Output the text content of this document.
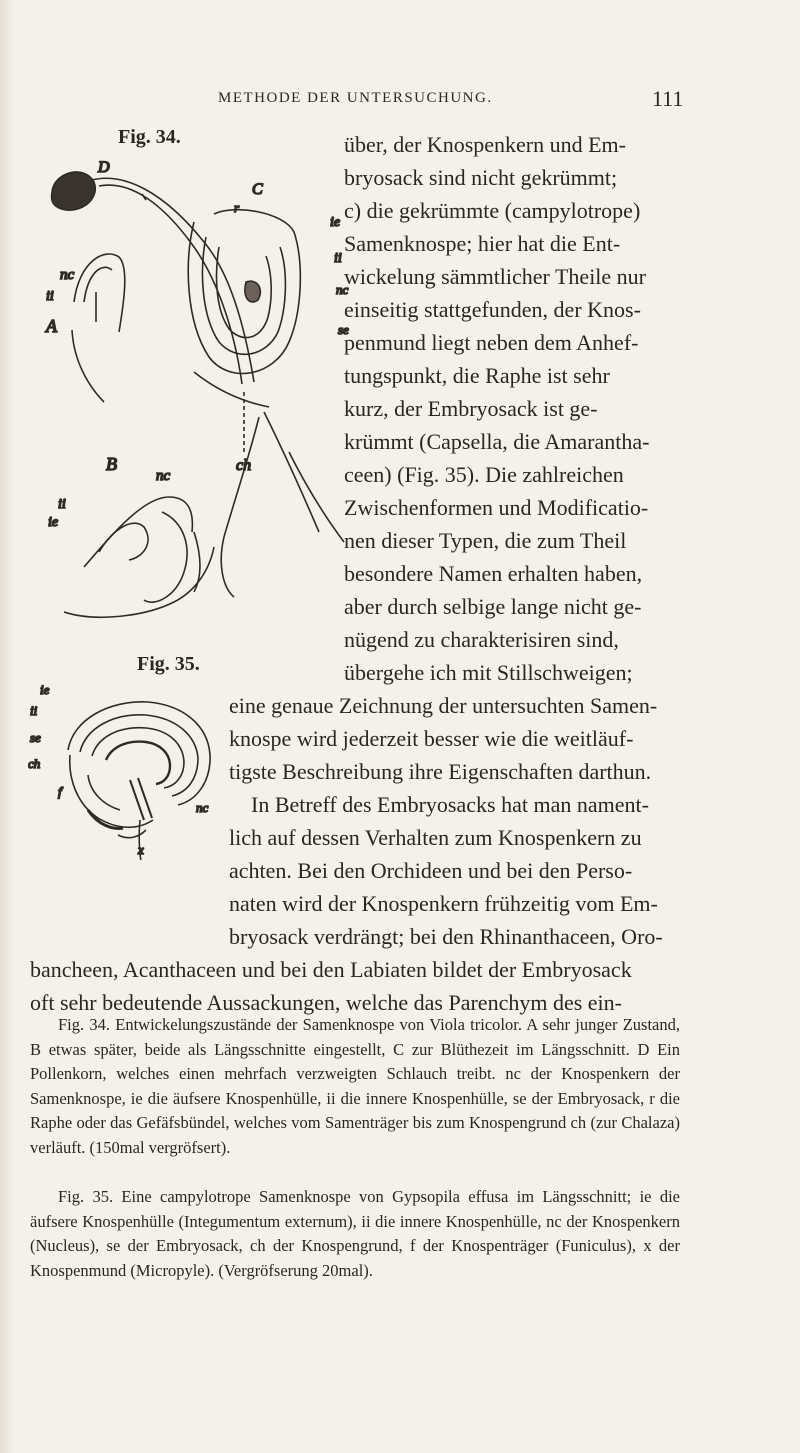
METHODE DER UNTERSUCHUNG.	111
Fig. 34.
D
C
nc
ii
A
B
nc
ii
ie
ch
ie
ii
nc
se
r
Fig. 35.
ie
ii
se
ch
f
nc
x
über, der Knospenkern und Em-
bryosack sind nicht gekrümmt;
c) die gekrümmte (campylotrope)
Samenknospe; hier hat die Ent-
wickelung sämmtlicher Theile nur
einseitig stattgefunden, der Knos-
penmund liegt neben dem Anhef-
tungspunkt, die Raphe ist sehr
kurz, der Embryosack ist ge-
krümmt (Capsella, die Amarantha-
ceen) (Fig. 35). Die zahlreichen
Zwischenformen und Modificatio-
nen dieser Typen, die zum Theil
besondere Namen erhalten haben,
aber durch selbige lange nicht ge-
nügend zu charakterisiren sind,
übergehe ich mit Stillschweigen;
eine genaue Zeichnung der untersuchten Samen-
knospe wird jederzeit besser wie die weitläuf-
tigste Beschreibung ihre Eigenschaften darthun.
In Betreff des Embryosacks hat man nament-
lich auf dessen Verhalten zum Knospenkern zu
achten. Bei den Orchideen und bei den Perso-
naten wird der Knospenkern frühzeitig vom Em-
bryosack verdrängt; bei den Rhinanthaceen, Oro-
bancheen, Acanthaceen und bei den Labiaten bildet der Embryosack
oft sehr bedeutende Aussackungen, welche das Parenchym des ein-
Fig. 34. Entwickelungszustände der Samenknospe von Viola tricolor. A sehr junger Zustand, B etwas später, beide als Längsschnitte eingestellt, C zur Blüthezeit im Längsschnitt. D Ein Pollenkorn, welches einen mehrfach verzweigten Schlauch treibt. nc der Knospenkern der Samenknospe, ie die äufsere Knospenhülle, ii die innere Knospenhülle, se der Embryosack, r die Raphe oder das Gefäfsbündel, welches vom Samenträger bis zum Knospengrund ch (zur Chalaza) verläuft. (150mal vergröfsert).
Fig. 35. Eine campylotrope Samenknospe von Gypsopila effusa im Längsschnitt; ie die äufsere Knospenhülle (Integumentum externum), ii die innere Knospenhülle, nc der Knospenkern (Nucleus), se der Embryosack, ch der Knospengrund, f der Knospenträger (Funiculus), x der Knospenmund (Micropyle). (Vergröfserung 20mal).
